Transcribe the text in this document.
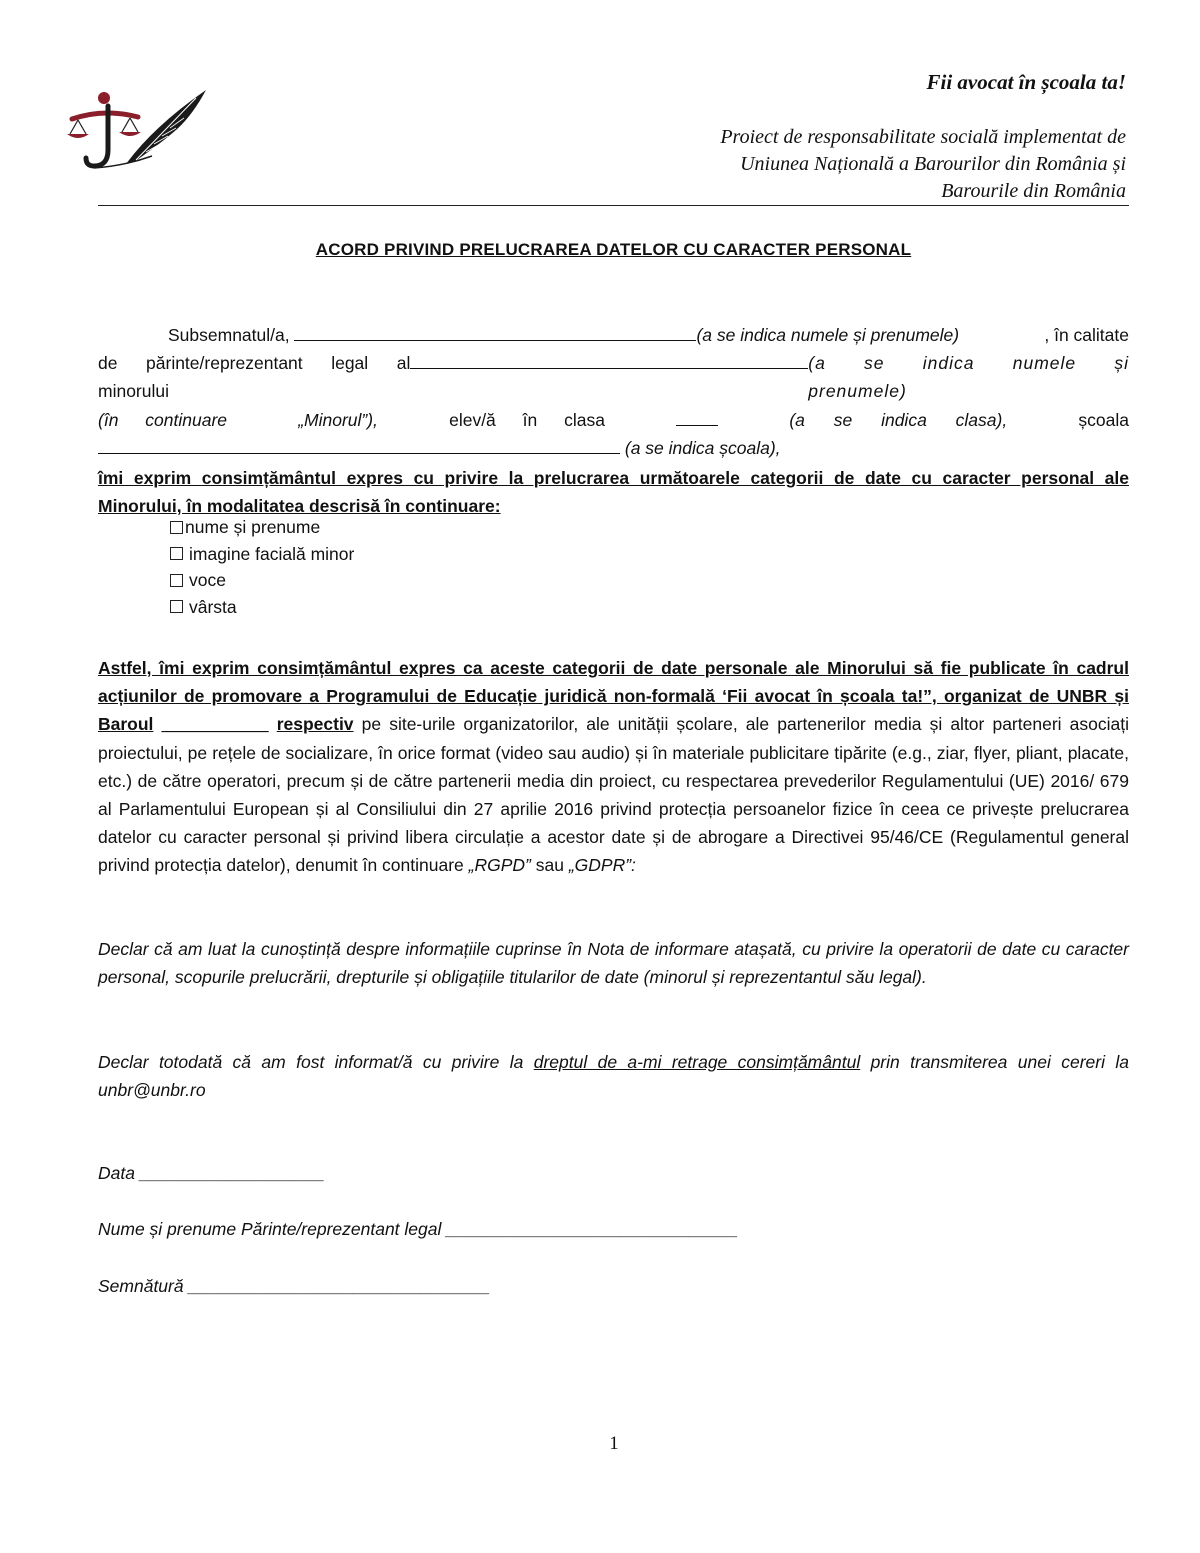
Fii avocat în școala ta!
Proiect de responsabilitate socială implementat de
Uniunea Națională a Barourilor din România și
Barourile din România
ACORD PRIVIND PRELUCRAREA DATELOR CU CARACTER PERSONAL
Subsemnatul/a,
	(a se indica numele și prenumele)	, în calitate
de părinte/reprezentant legal al minorului
(a se indica numele și prenumele)
(în continuare	„Minorul”),	elev/ă în clasa	(a se indica clasa),	școala

(a se indica școala),
îmi exprim consimțământul expres cu privire la prelucrarea următoarele categorii de date cu caracter personal ale Minorului, în modalitatea descrisă în continuare:
nume și prenume
imagine facială minor
voce
vârsta
Astfel, îmi exprim consimțământul expres ca aceste categorii de date personale ale Minorului să fie publicate în cadrul acțiunilor de promovare a Programului de Educație juridică non-formală ‘Fii avocat în școala ta!”, organizat de UNBR și Baroul ___________ respectiv pe site-urile organizatorilor, ale unității școlare, ale partenerilor media și altor parteneri asociați proiectului, pe rețele de socializare, în orice format (video sau audio) și în materiale publicitare tipărite (e.g., ziar, flyer, pliant, placate, etc.) de către operatori, precum și de către partenerii media din proiect, cu respectarea prevederilor Regulamentului (UE) 2016/ 679 al Parlamentului European și al Consiliului din 27 aprilie 2016 privind protecția persoanelor fizice în ceea ce privește prelucrarea datelor cu caracter personal și privind libera circulație a acestor date și de abrogare a Directivei 95/46/CE (Regulamentul general privind protecția datelor), denumit în continuare „RGPD” sau „GDPR”:
Declar că am luat la cunoștință despre informațiile cuprinse în Nota de informare atașată, cu privire la operatorii de date cu caracter personal, scopurile prelucrării, drepturile și obligațiile titularilor de date (minorul și reprezentantul său legal).
Declar totodată că am fost informat/ă cu privire la dreptul de a-mi retrage consimțământul prin transmiterea unei cereri la unbr@unbr.ro
Data ___________________
Nume și prenume Părinte/reprezentant legal ______________________________
Semnătură _______________________________
1
